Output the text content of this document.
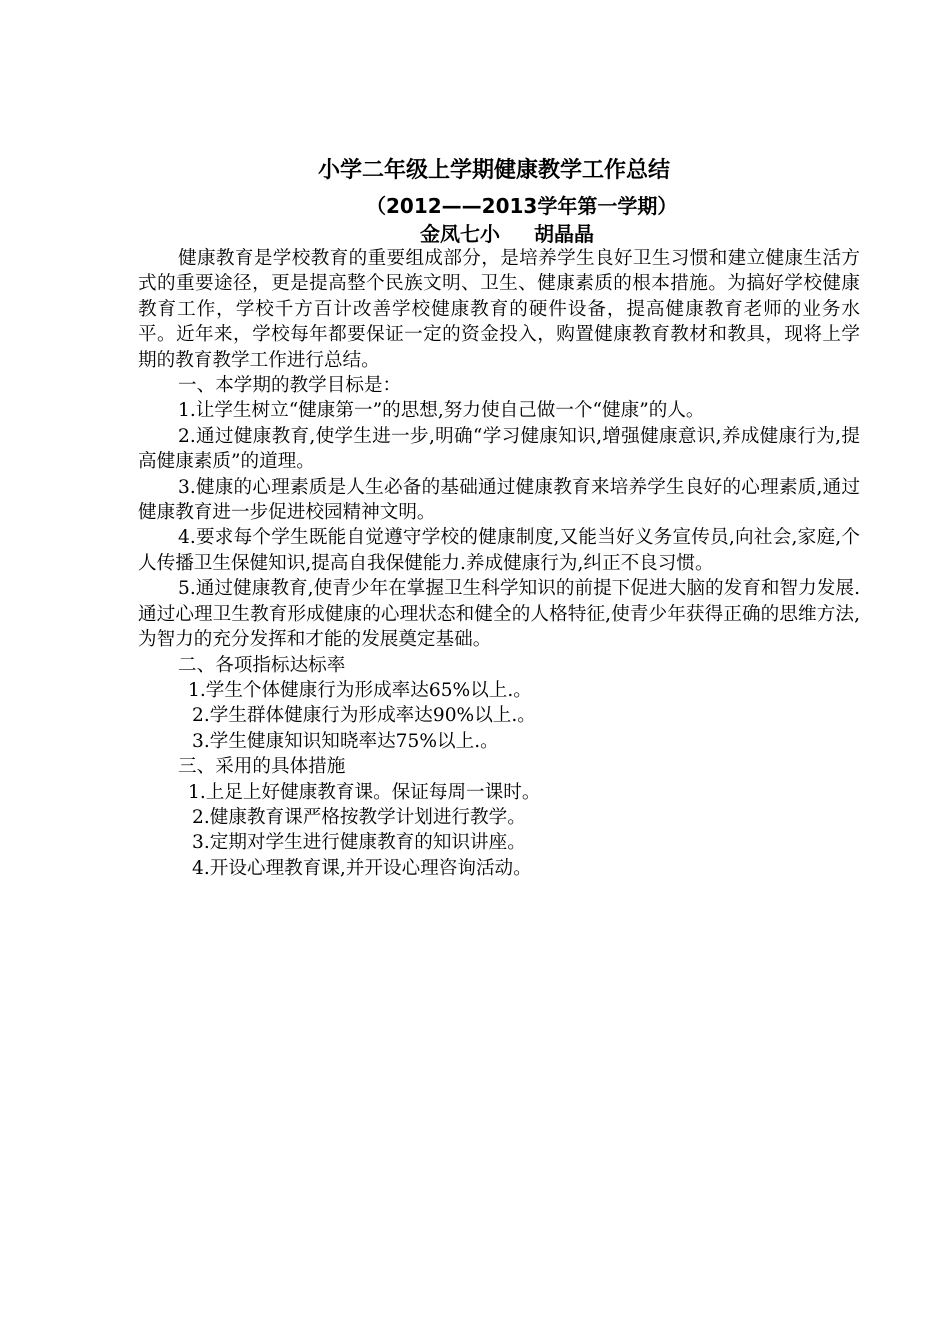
小学二年级上学期健康教学工作总结
（2012——2013学年第一学期）
金凤七小 胡晶晶

健康教育是学校教育的重要组成部分，是培养学生良好卫生习惯和建立健康生活方式的重要途径，更是提高整个民族文明、卫生、健康素质的根本措施。为搞好学校健康教育工作，学校千方百计改善学校健康教育的硬件设备，提高健康教育老师的业务水平。近年来，学校每年都要保证一定的资金投入，购置健康教育教材和教具，现将上学期的教育教学工作进行总结。

一、本学期的教学目标是：

1.让学生树立“健康第一”的思想,努力使自己做一个“健康”的人。

2.通过健康教育,使学生进一步,明确“学习健康知识,增强健康意识,养成健康行为,提高健康素质”的道理。

3.健康的心理素质是人生必备的基础通过健康教育来培养学生良好的心理素质,通过健康教育进一步促进校园精神文明。

4.要求每个学生既能自觉遵守学校的健康制度,又能当好义务宣传员,向社会,家庭,个人传播卫生保健知识,提高自我保健能力.养成健康行为,纠正不良习惯。

5.通过健康教育,使青少年在掌握卫生科学知识的前提下促进大脑的发育和智力发展.通过心理卫生教育形成健康的心理状态和健全的人格特征,使青少年获得正确的思维方法,为智力的充分发挥和才能的发展奠定基础。

二、各项指标达标率

1.学生个体健康行为形成率达65%以上.。

2.学生群体健康行为形成率达90%以上.。

3.学生健康知识知晓率达75%以上.。

三、采用的具体措施

1.上足上好健康教育课。保证每周一课时。

2.健康教育课严格按教学计划进行教学。

3.定期对学生进行健康教育的知识讲座。

4.开设心理教育课,并开设心理咨询活动。
